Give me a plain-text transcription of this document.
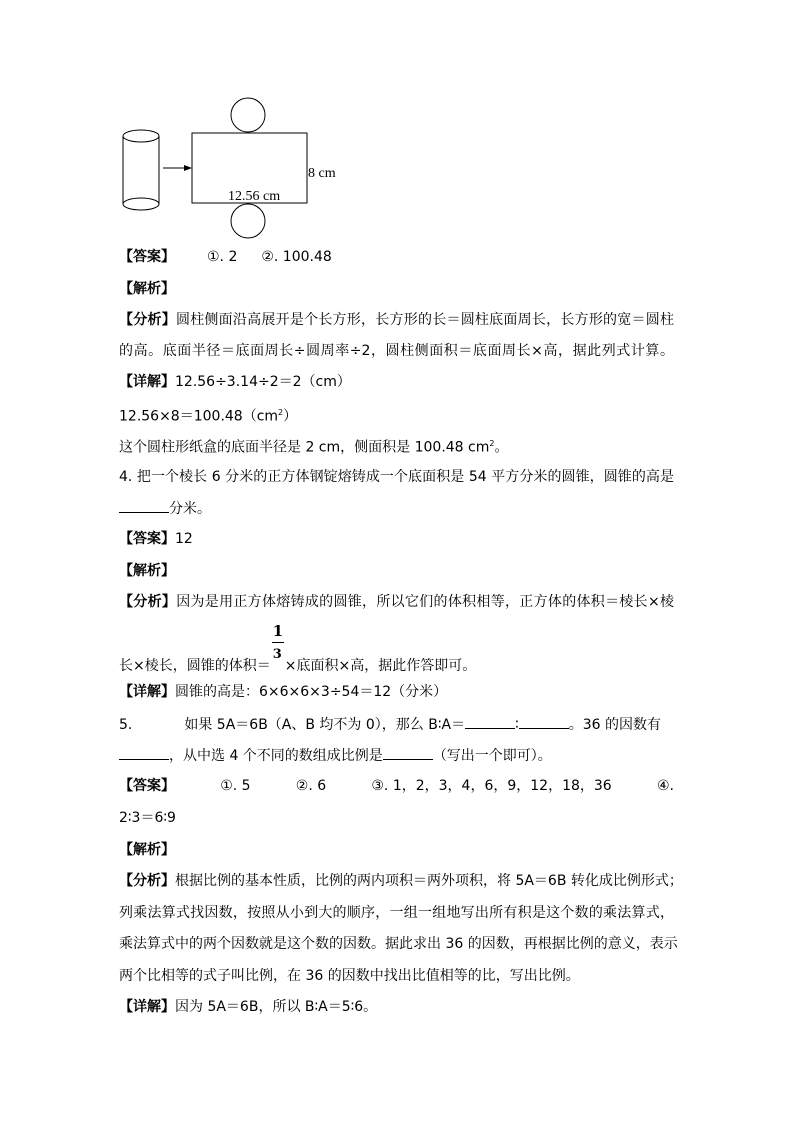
8 cm
12.56 cm
【答案】 ①. 2 ②. 100.48
【解析】
【分析】圆柱侧面沿高展开是个长方形，长方形的长＝圆柱底面周长，长方形的宽＝圆柱
的高。底面半径＝底面周长÷圆周率÷2，圆柱侧面积＝底面周长×高，据此列式计算。
【详解】12.56÷3.14÷2＝2（cm）
$12.56\times 8=100.48(cm^2)$
这个圆柱形纸盒的底面半径是 2 cm，侧面积是 100.48 $cm^2$。
4. 把一个棱长 6 分米的正方体钢锭熔铸成一个底面积是 54 平方分米的圆锥，圆锥的高是
分米。
【答案】12
【解析】
【分析】因为是用正方体熔铸成的圆锥，所以它们的体积相等，正方体的体积＝棱长×棱
长×棱长，圆锥的体积＝ $\frac{1}{3}$ ×底面积×高，据此作答即可。
【详解】圆锥的高是：6×6×6×3÷54＝12（分米）
5.	如果 5A＝6B（A、B 均不为 0），那么 B∶A＝	∶	。36 的因数有
，从中选 4 个不同的数组成比例是	（写出一个即可）。
【答案】	①. 5	②. 6	③. 1，2，3，4，6，9，12，18，36	④.
2∶3＝6∶9
【解析】
【分析】根据比例的基本性质，比例的两内项积＝两外项积，将 5A＝6B 转化成比例形式；
列乘法算式找因数，按照从小到大的顺序，一组一组地写出所有积是这个数的乘法算式，
乘法算式中的两个因数就是这个数的因数。据此求出 36 的因数，再根据比例的意义，表示
两个比相等的式子叫比例，在 36 的因数中找出比值相等的比，写出比例。
【详解】因为 5A＝6B，所以 B∶A＝5∶6。
